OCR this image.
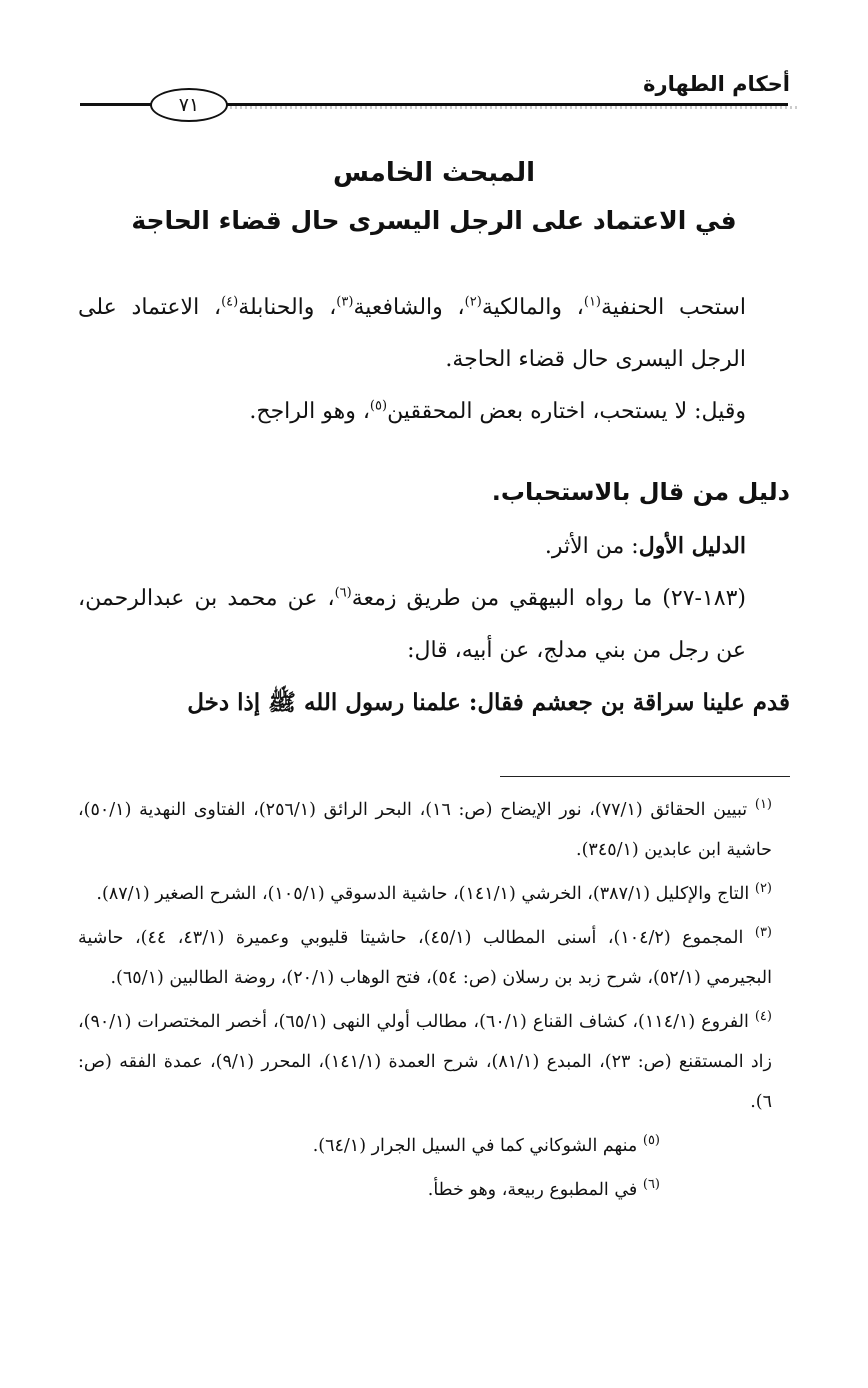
أحكام الطهارة
٧١
المبحث الخامس
في الاعتماد على الرجل اليسرى حال قضاء الحاجة

استحب الحنفية$^{(١)}$، والمالكية$^{(٢)}$، والشافعية$^{(٣)}$، والحنابلة$^{(٤)}$، الاعتماد على الرجل اليسرى حال قضاء الحاجة.

وقيل: لا يستحب، اختاره بعض المحققين$^{(٥)}$، وهو الراجح.

دليل من قال بالاستحباب.

الدليل الأول: من الأثر.

(١٨٣-٢٧) ما رواه البيهقي من طريق زمعة$^{(٦)}$، عن محمد بن عبدالرحمن، عن رجل من بني مدلج، عن أبيه، قال:

قدم علينا سراقة بن جعشم فقال: علمنا رسول الله ﷺ إذا دخل

$^{(١)}$ تبيين الحقائق (٧٧/١)، نور الإيضاح (ص: ١٦)، البحر الرائق (٢٥٦/١)، الفتاوى النهدية (٥٠/١)، حاشية ابن عابدين (٣٤٥/١).

$^{(٢)}$ التاج والإكليل (٣٨٧/١)، الخرشي (١٤١/١)، حاشية الدسوقي (١٠٥/١)، الشرح الصغير (٨٧/١).

$^{(٣)}$ المجموع (١٠٤/٢)، أسنى المطالب (٤٥/١)، حاشيتا قليوبي وعميرة (٤٣/١، ٤٤)، حاشية البجيرمي (٥٢/١)، شرح زبد بن رسلان (ص: ٥٤)، فتح الوهاب (٢٠/١)، روضة الطالبين (٦٥/١).

$^{(٤)}$ الفروع (١١٤/١)، كشاف القناع (٦٠/١)، مطالب أولي النهى (٦٥/١)، أخصر المختصرات (٩٠/١)، زاد المستقنع (ص: ٢٣)، المبدع (٨١/١)، شرح العمدة (١٤١/١)، المحرر (٩/١)، عمدة الفقه (ص: ٦).

$^{(٥)}$ منهم الشوكاني كما في السيل الجرار (٦٤/١).

$^{(٦)}$ في المطبوع ربيعة، وهو خطأ.
